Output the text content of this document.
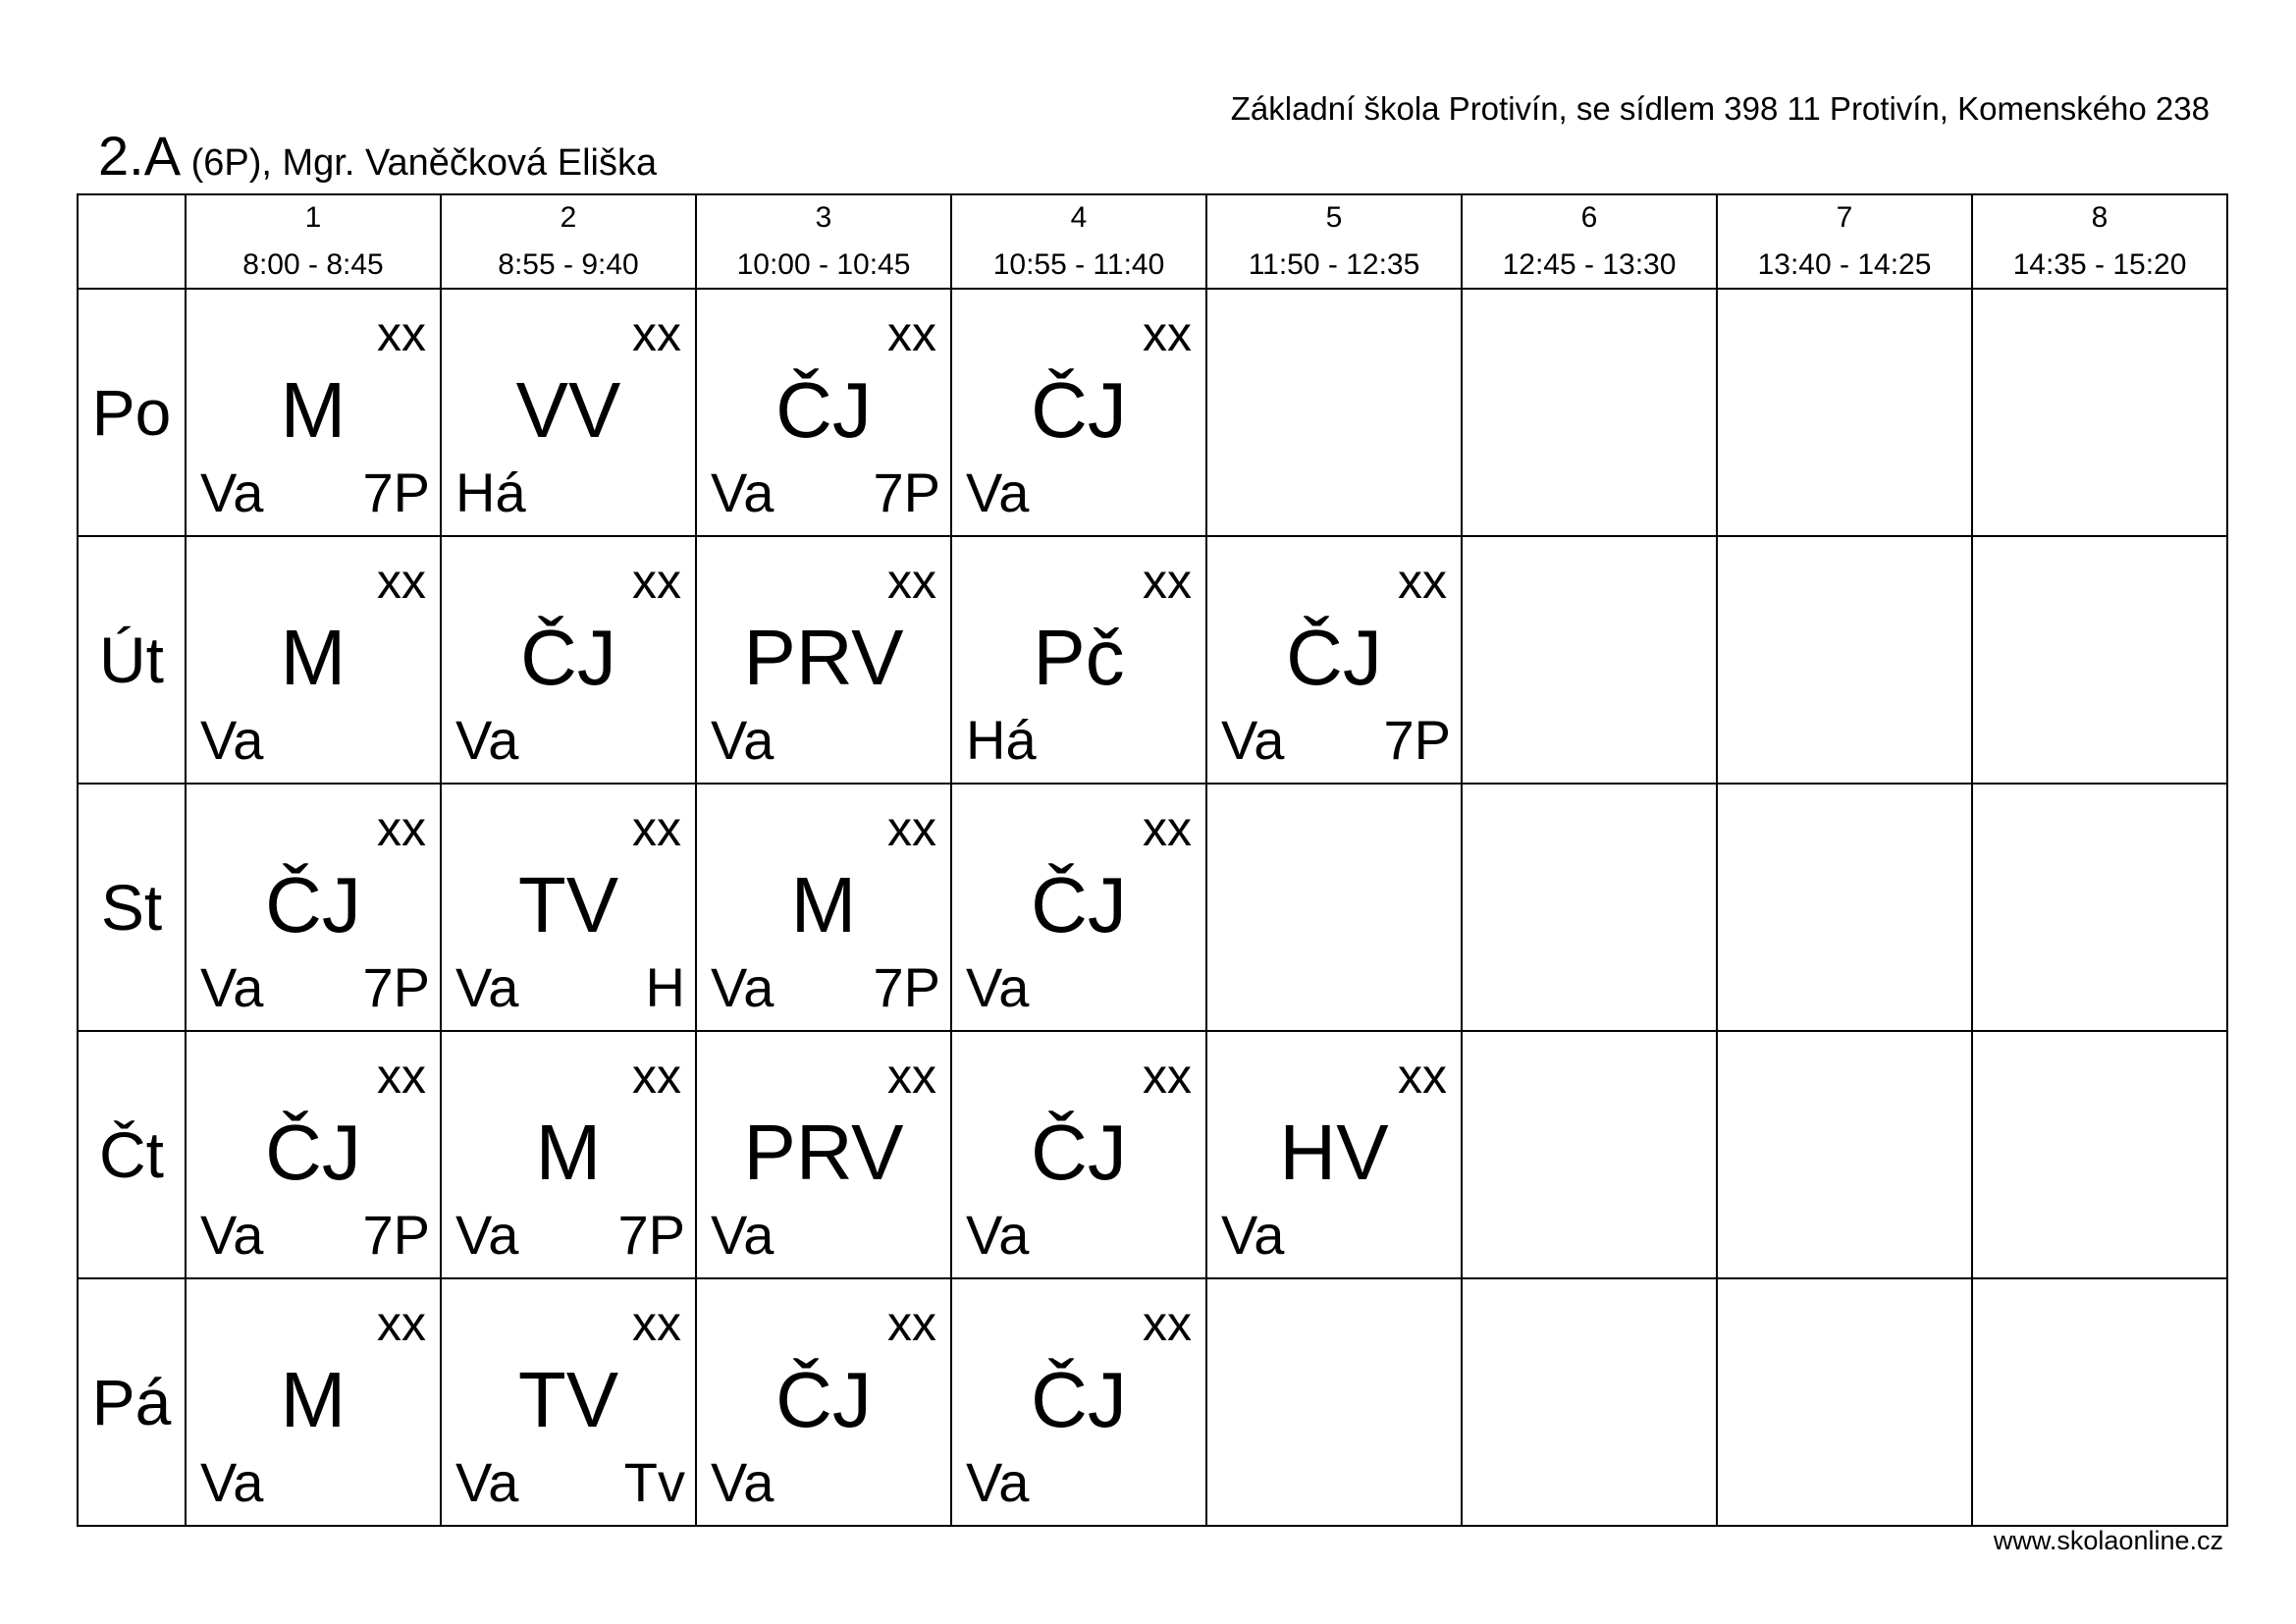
Základní škola Protivín, se sídlem 398 11 Protivín, Komenského 238
2.A (6P), Mgr. Vaněčková Eliška
1
8:00 - 8:45
2
8:55 - 9:40
3
10:00 - 10:45
4
10:55 - 11:40
5
11:50 - 12:35
6
12:45 - 13:30
7
13:40 - 14:25
8
14:35 - 15:20
Po
xx
M
Va 7P
xx
VV
Há
xx
ČJ
Va 7P
xx
ČJ
Va
Út
xx
M
Va
xx
ČJ
Va
xx
PRV
Va
xx
Pč
Há
xx
ČJ
Va 7P
St
xx
ČJ
Va 7P
xx
TV
Va H
xx
M
Va 7P
xx
ČJ
Va
Čt
xx
ČJ
Va 7P
xx
M
Va 7P
xx
PRV
Va
xx
ČJ
Va
xx
HV
Va
Pá
xx
M
Va
xx
TV
Va Tv
xx
ČJ
Va
xx
ČJ
Va
www.skolaonline.cz
